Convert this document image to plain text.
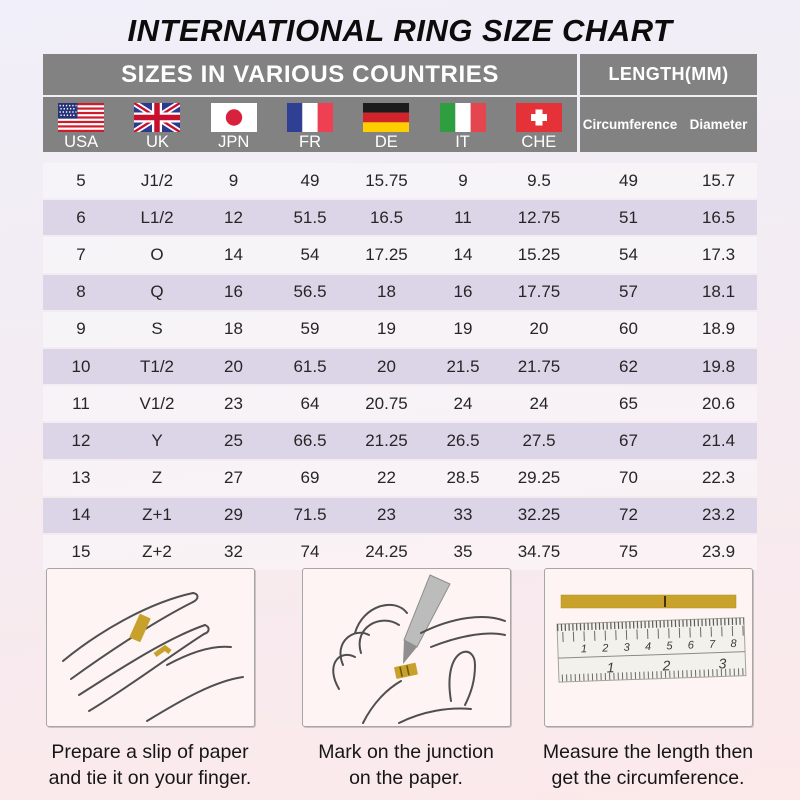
INTERNATIONAL RING SIZE CHART
SIZES IN VARIOUS COUNTRIES	LENGTH(MM)
USA	UK	JPN	FR	DE	IT	CHE
Circumference Diameter
5	J1/2	9	49	15.75	9	9.5	49	15.7
6	L1/2	12	51.5	16.5	11	12.75	51	16.5
7	O	14	54	17.25	14	15.25	54	17.3
8	Q	16	56.5	18	16	17.75	57	18.1
9	S	18	59	19	19	20	60	18.9
10	T1/2	20	61.5	20	21.5	21.75	62	19.8
11	V1/2	23	64	20.75	24	24	65	20.6
12	Y	25	66.5	21.25	26.5	27.5	67	21.4
13	Z	27	69	22	28.5	29.25	70	22.3
14	Z+1	29	71.5	23	33	32.25	72	23.2
15	Z+2	32	74	24.25	35	34.75	75	23.9
Prepare a slip of paper
and tie it on your finger.
Mark on the junction
on the paper.
1 2 3 4 5 6 7 8
1	2	3
Measure the length then
get the circumference.
